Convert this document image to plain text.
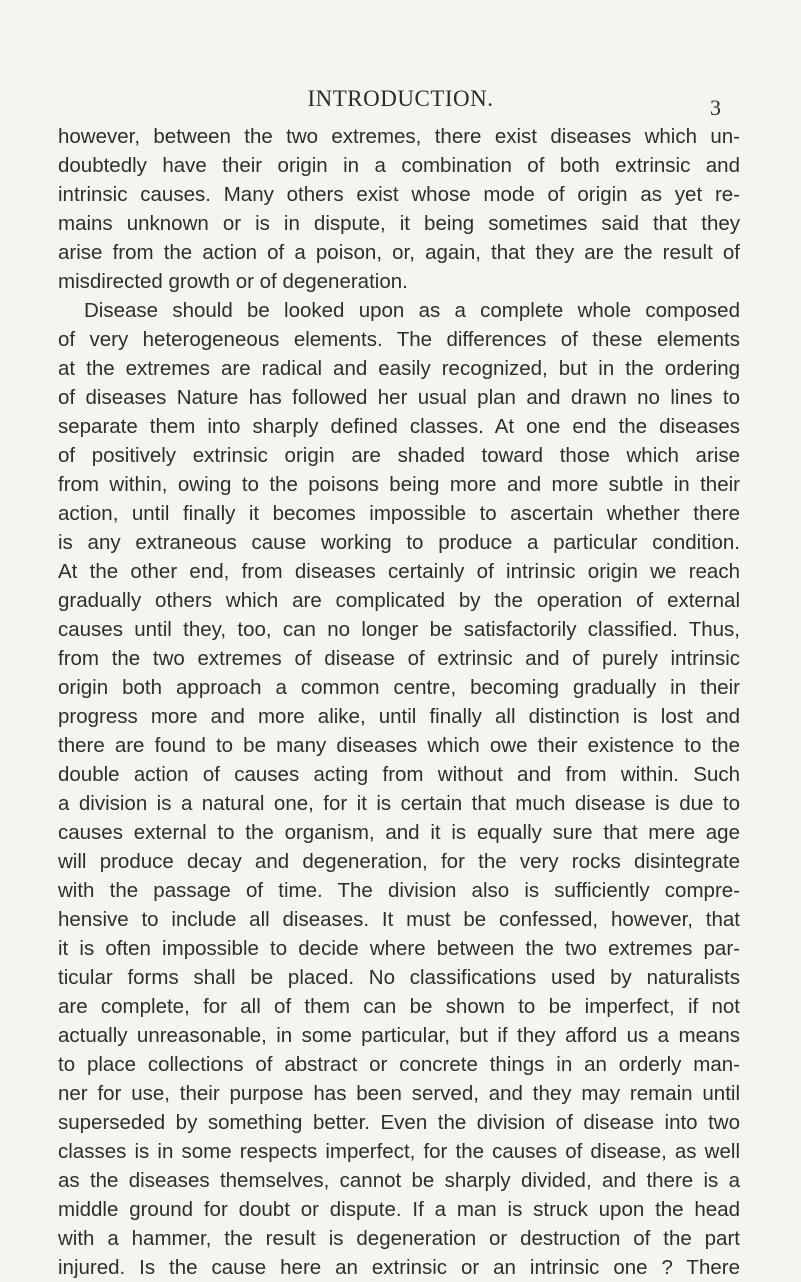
INTRODUCTION.	3
however, between the two extremes, there exist diseases which un-
doubtedly have their origin in a combination of both extrinsic and
intrinsic causes. Many others exist whose mode of origin as yet re-
mains unknown or is in dispute, it being sometimes said that they
arise from the action of a poison, or, again, that they are the result of
misdirected growth or of degeneration.
Disease should be looked upon as a complete whole composed
of very heterogeneous elements. The differences of these elements
at the extremes are radical and easily recognized, but in the ordering
of diseases Nature has followed her usual plan and drawn no lines to
separate them into sharply defined classes. At one end the diseases
of positively extrinsic origin are shaded toward those which arise
from within, owing to the poisons being more and more subtle in their
action, until finally it becomes impossible to ascertain whether there
is any extraneous cause working to produce a particular condition.
At the other end, from diseases certainly of intrinsic origin we reach
gradually others which are complicated by the operation of external
causes until they, too, can no longer be satisfactorily classified. Thus,
from the two extremes of disease of extrinsic and of purely intrinsic
origin both approach a common centre, becoming gradually in their
progress more and more alike, until finally all distinction is lost and
there are found to be many diseases which owe their existence to the
double action of causes acting from without and from within. Such
a division is a natural one, for it is certain that much disease is due to
causes external to the organism, and it is equally sure that mere age
will produce decay and degeneration, for the very rocks disintegrate
with the passage of time. The division also is sufficiently compre-
hensive to include all diseases. It must be confessed, however, that
it is often impossible to decide where between the two extremes par-
ticular forms shall be placed. No classifications used by naturalists
are complete, for all of them can be shown to be imperfect, if not
actually unreasonable, in some particular, but if they afford us a means
to place collections of abstract or concrete things in an orderly man-
ner for use, their purpose has been served, and they may remain until
superseded by something better. Even the division of disease into two
classes is in some respects imperfect, for the causes of disease, as well
as the diseases themselves, cannot be sharply divided, and there is a
middle ground for doubt or dispute. If a man is struck upon the head
with a hammer, the result is degeneration or destruction of the part
injured. Is the cause here an extrinsic or an intrinsic one ? There
